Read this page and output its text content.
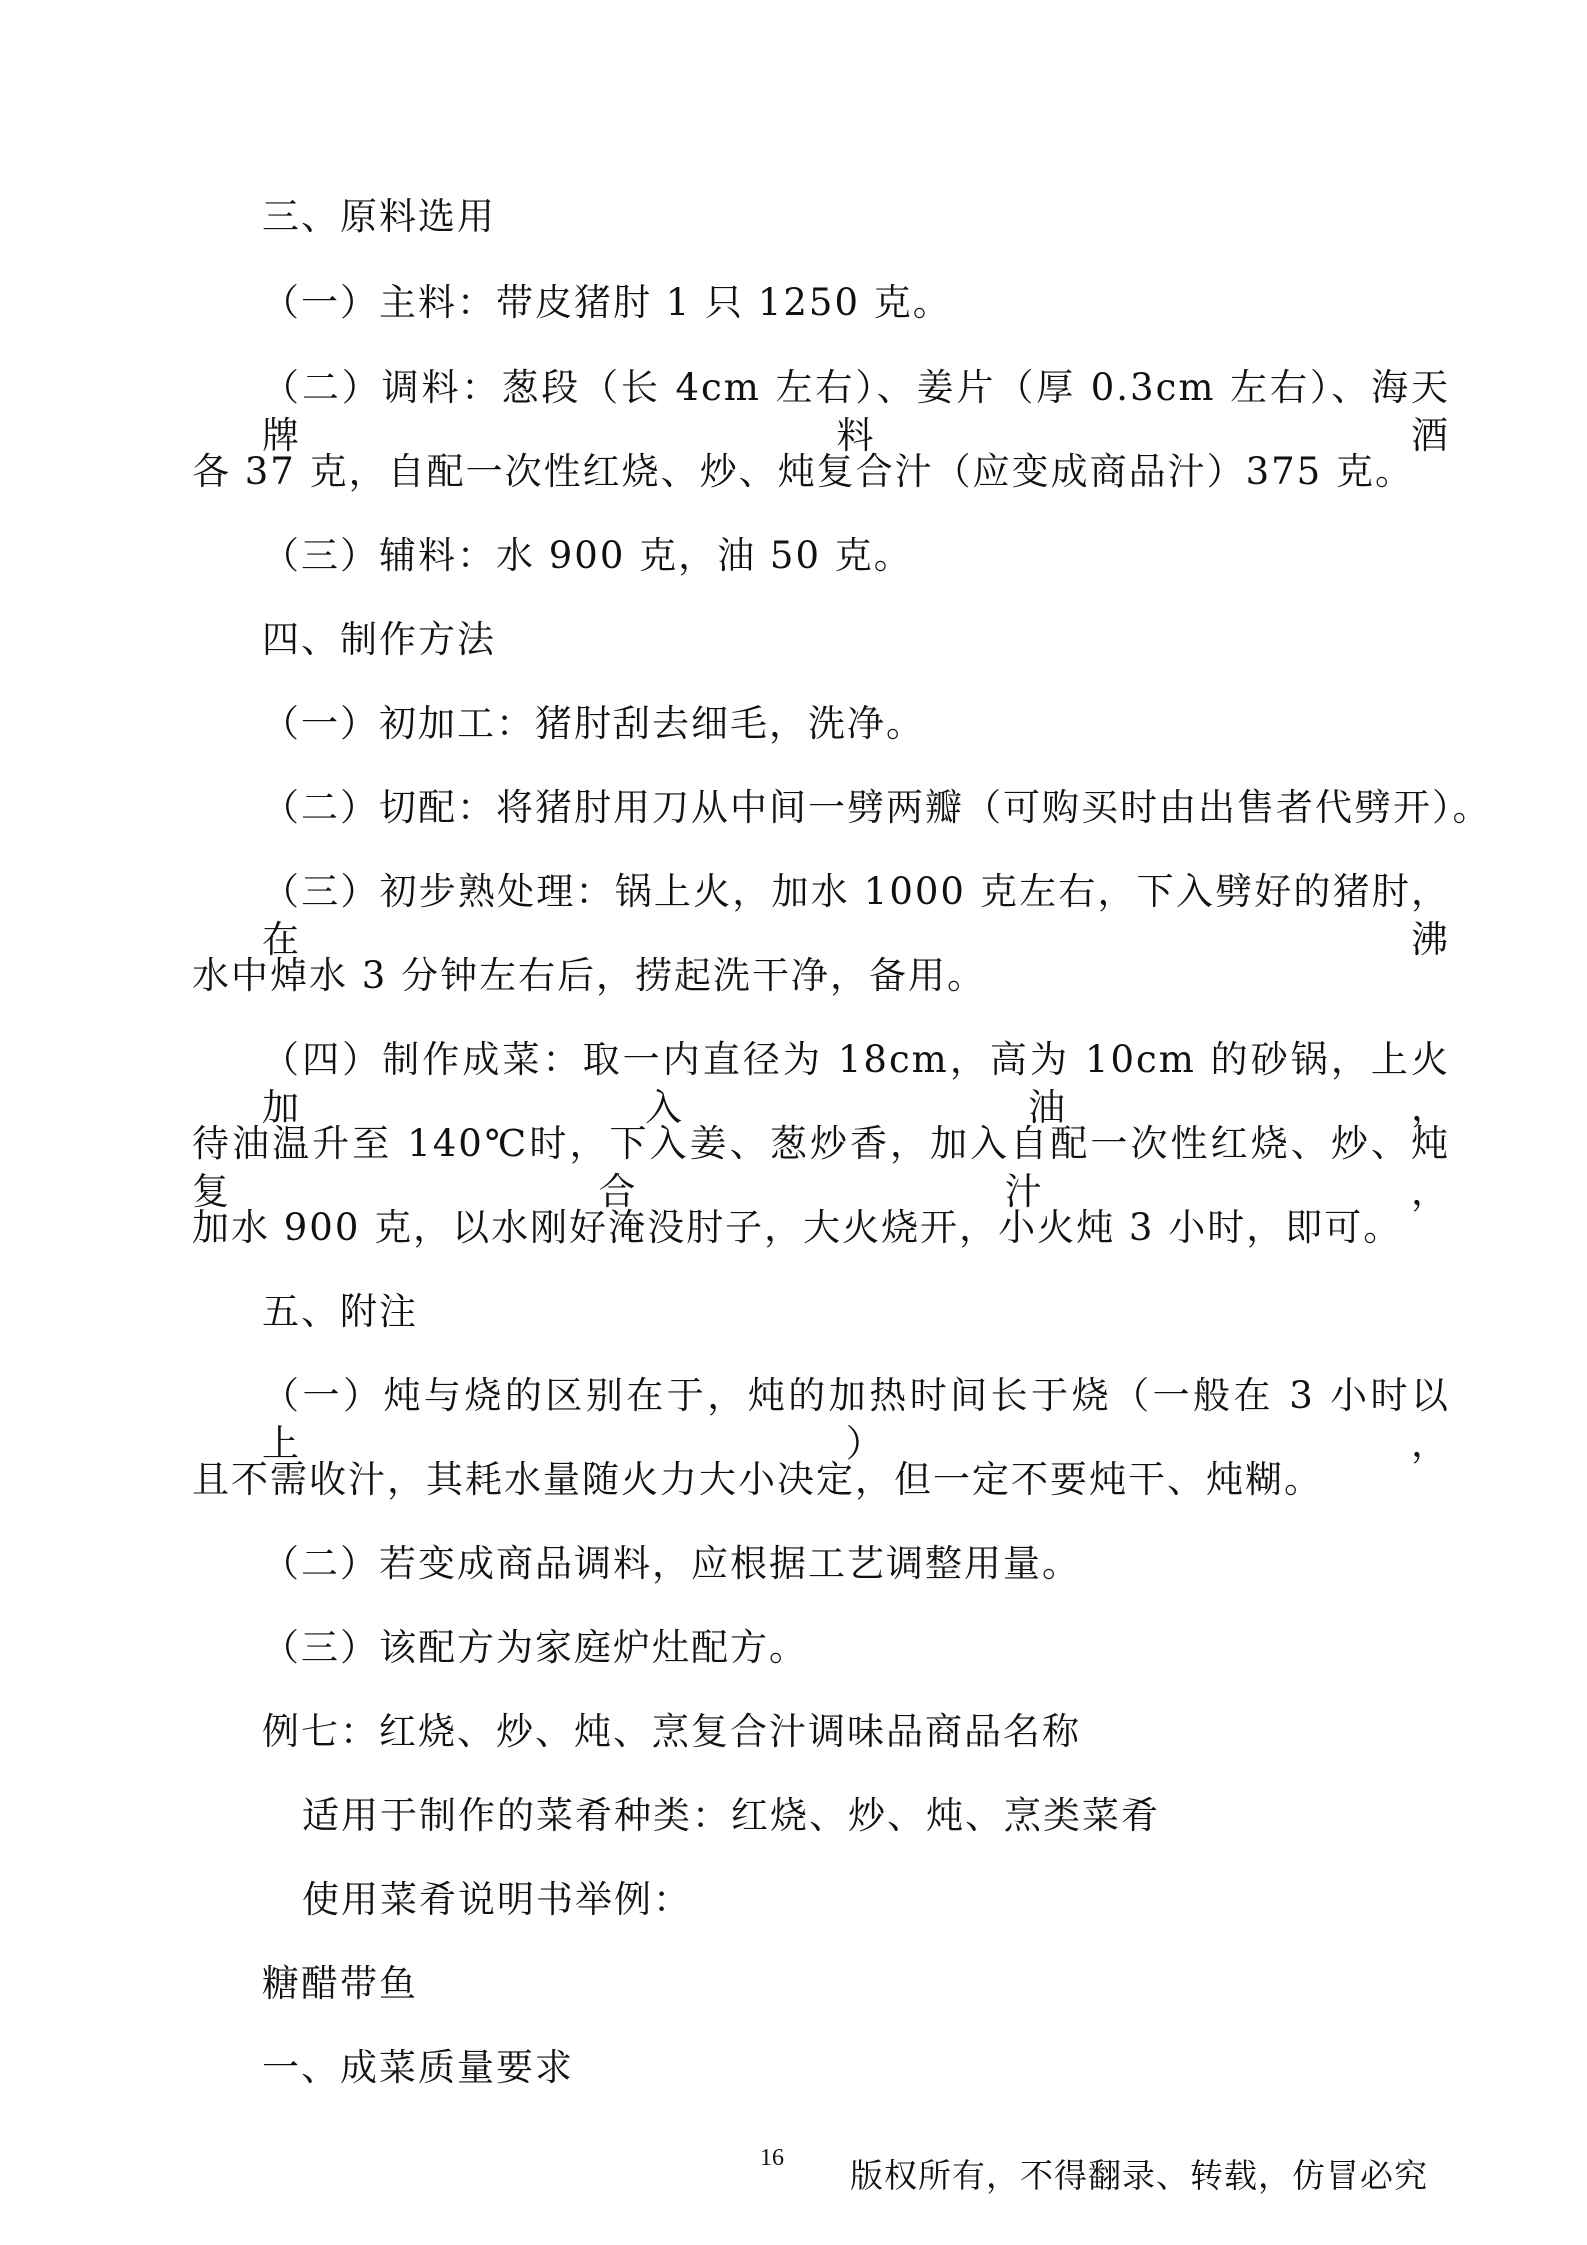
三、原料选用
（一）主料：带皮猪肘 1 只 1250 克。
（二）调料：葱段（长 4cm 左右）、姜片（厚 0.3cm 左右）、海天牌料酒
各 37 克，自配一次性红烧、炒、炖复合汁（应变成商品汁）375 克。
（三）辅料：水 900 克，油 50 克。
四、制作方法
（一）初加工：猪肘刮去细毛，洗净。
（二）切配：将猪肘用刀从中间一劈两瓣（可购买时由出售者代劈开）。
（三）初步熟处理：锅上火，加水 1000 克左右，下入劈好的猪肘，在沸
水中焯水 3 分钟左右后，捞起洗干净，备用。
（四）制作成菜：取一内直径为 18cm，高为 10cm 的砂锅，上火加入油，
待油温升至 140℃时，下入姜、葱炒香，加入自配一次性红烧、炒、炖复合汁，
加水 900 克，以水刚好淹没肘子，大火烧开，小火炖 3 小时，即可。
五、附注
（一）炖与烧的区别在于，炖的加热时间长于烧（一般在 3 小时以上），
且不需收汁，其耗水量随火力大小决定，但一定不要炖干、炖糊。
（二）若变成商品调料，应根据工艺调整用量。
（三）该配方为家庭炉灶配方。
例七：红烧、炒、炖、烹复合汁调味品商品名称
适用于制作的菜肴种类：红烧、炒、炖、烹类菜肴
使用菜肴说明书举例：
糖醋带鱼
一、成菜质量要求
16 版权所有，不得翻录、转载，仿冒必究
